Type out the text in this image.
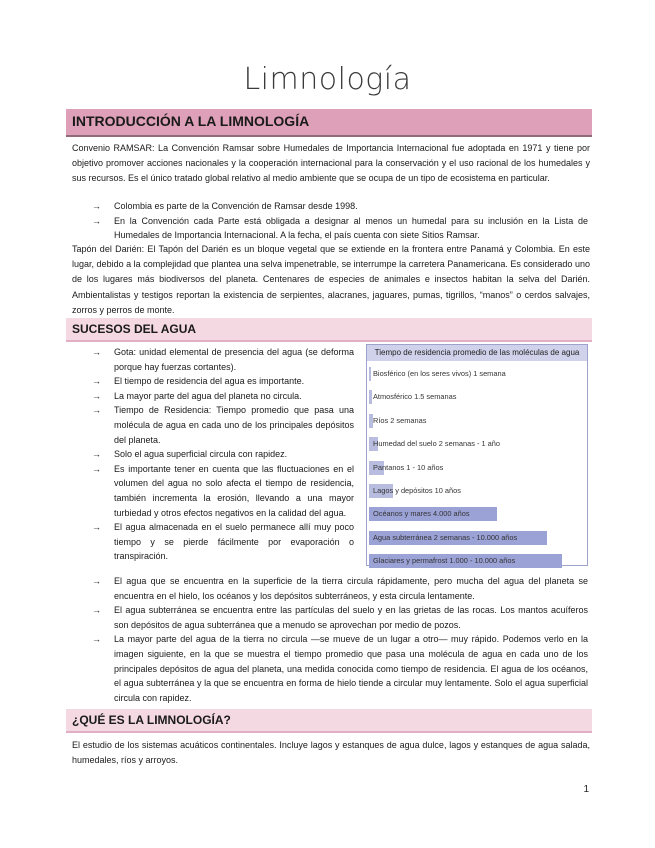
Limnología
INTRODUCCIÓN A LA LIMNOLOGÍA
Convenio RAMSAR: La Convención Ramsar sobre Humedales de Importancia Internacional fue adoptada en 1971 y tiene por objetivo promover acciones nacionales y la cooperación internacional para la conservación y el uso racional de los humedales y sus recursos. Es el único tratado global relativo al medio ambiente que se ocupa de un tipo de ecosistema en particular.
→ Colombia es parte de la Convención de Ramsar desde 1998.
→ En la Convención cada Parte está obligada a designar al menos un humedal para su inclusión en la Lista de Humedales de Importancia Internacional. A la fecha, el país cuenta con siete Sitios Ramsar.
Tapón del Darién: El Tapón del Darién es un bloque vegetal que se extiende en la frontera entre Panamá y Colombia. En este lugar, debido a la complejidad que plantea una selva impenetrable, se interrumpe la carretera Panamericana. Es considerado uno de los lugares más biodiversos del planeta. Centenares de especies de animales e insectos habitan la selva del Darién. Ambientalistas y testigos reportan la existencia de serpientes, alacranes, jaguares, pumas, tigrillos, “manos” o cerdos salvajes, zorros y perros de monte.
SUCESOS DEL AGUA
→ Gota: unidad elemental de presencia del agua (se deforma porque hay fuerzas cortantes).
→ El tiempo de residencia del agua es importante.
→ La mayor parte del agua del planeta no circula.
→ Tiempo de Residencia: Tiempo promedio que pasa una molécula de agua en cada uno de los principales depósitos del planeta.
→ Solo el agua superficial circula con rapidez.
→ Es importante tener en cuenta que las fluctuaciones en el volumen del agua no solo afecta el tiempo de residencia, también incrementa la erosión, llevando a una mayor turbiedad y otros efectos negativos en la calidad del agua.
→ El agua almacenada en el suelo permanece allí muy poco tiempo y se pierde fácilmente por evaporación o transpiración.
Tiempo de residencia promedio de las moléculas de agua
Biosférico (en los seres vivos) 1 semana
Atmosférico 1.5 semanas
Ríos 2 semanas
Humedad del suelo 2 semanas - 1 año
Pantanos 1 - 10 años
Lagos y depósitos 10 años
Océanos y mares 4.000 años
Agua subterránea 2 semanas - 10.000 años
Glaciares y permafrost 1.000 - 10.000 años
→ El agua que se encuentra en la superficie de la tierra circula rápidamente, pero mucha del agua del planeta se encuentra en el hielo, los océanos y los depósitos subterráneos, y esta circula lentamente.
→ El agua subterránea se encuentra entre las partículas del suelo y en las grietas de las rocas. Los mantos acuíferos son depósitos de agua subterránea que a menudo se aprovechan por medio de pozos.
→ La mayor parte del agua de la tierra no circula —se mueve de un lugar a otro— muy rápido. Podemos verlo en la imagen siguiente, en la que se muestra el tiempo promedio que pasa una molécula de agua en cada uno de los principales depósitos de agua del planeta, una medida conocida como tiempo de residencia. El agua de los océanos, el agua subterránea y la que se encuentra en forma de hielo tiende a circular muy lentamente. Solo el agua superficial circula con rapidez.
¿QUÉ ES LA LIMNOLOGÍA?
El estudio de los sistemas acuáticos continentales. Incluye lagos y estanques de agua dulce, lagos y estanques de agua salada, humedales, ríos y arroyos.
1
